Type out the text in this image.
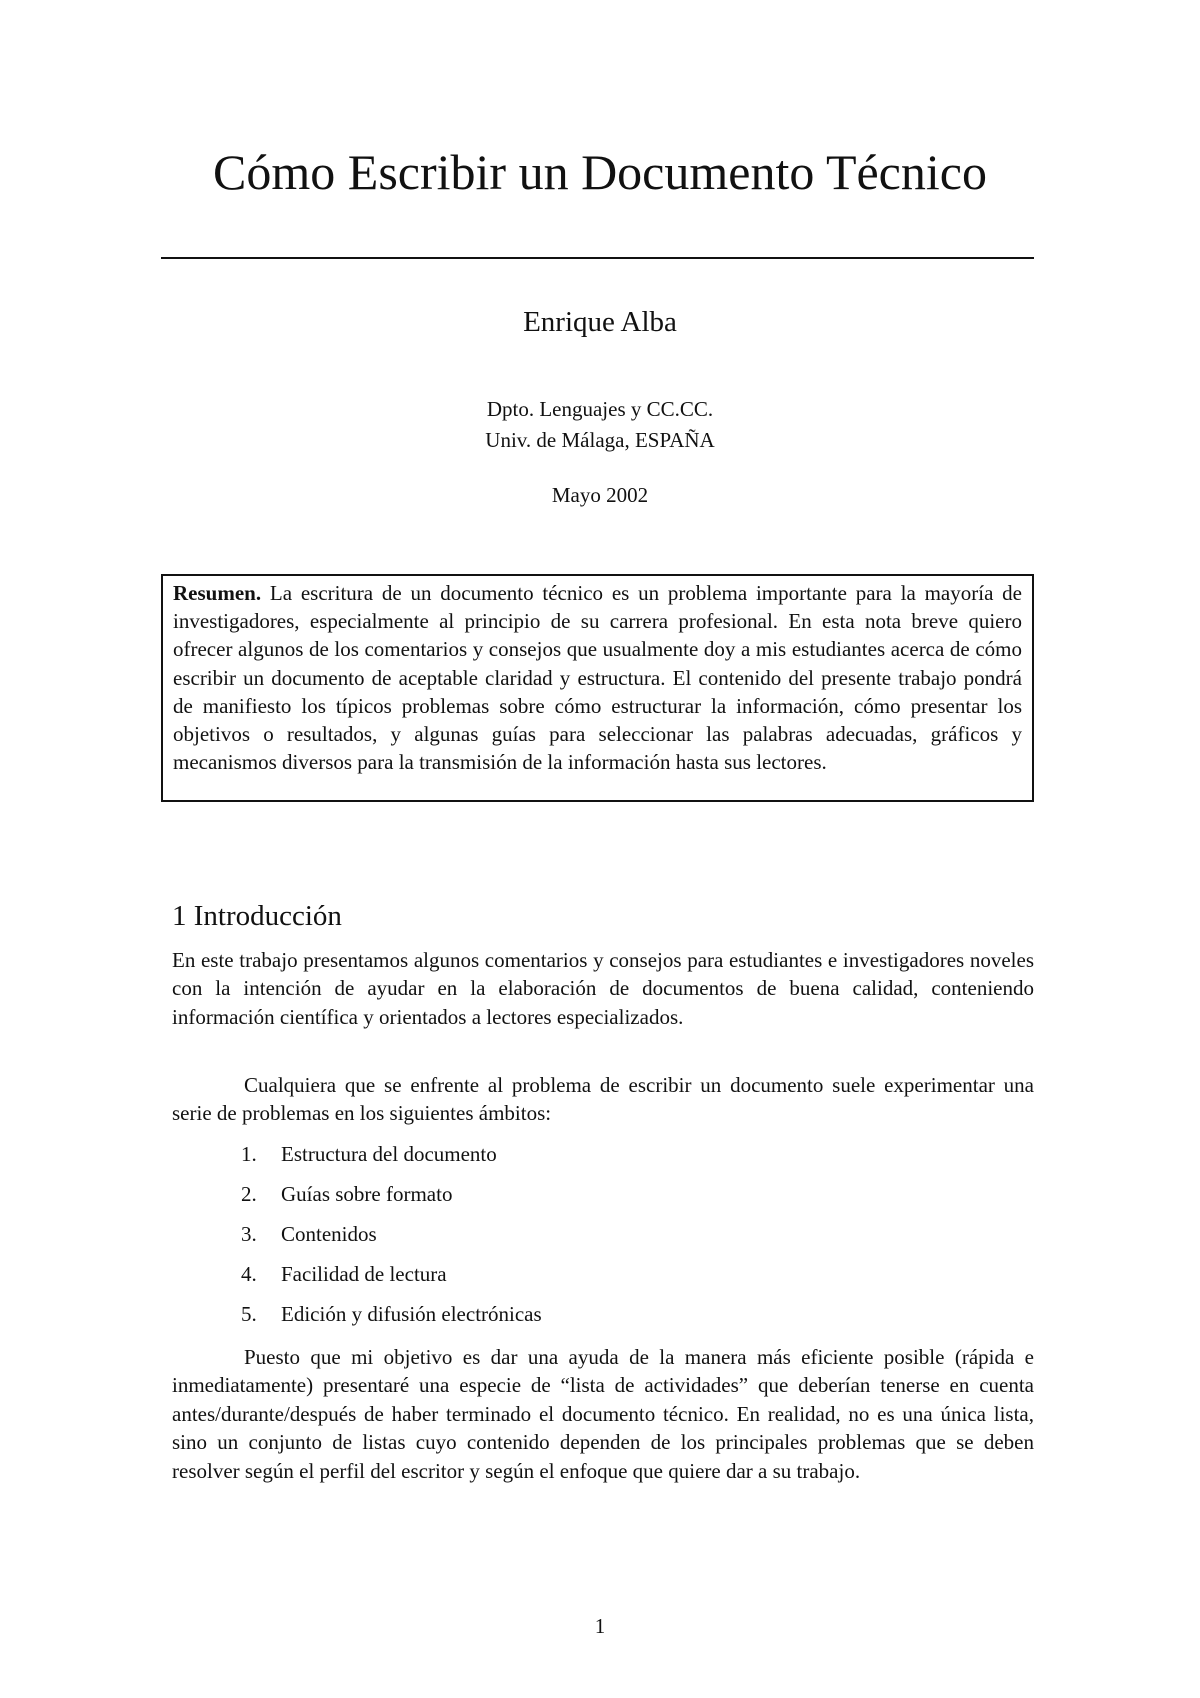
Cómo Escribir un Documento Técnico
Enrique Alba
Dpto. Lenguajes y CC.CC.
Univ. de Málaga, ESPAÑA
Mayo 2002
Resumen. La escritura de un documento técnico es un problema importante para la mayoría de investigadores, especialmente al principio de su carrera profesional. En esta nota breve quiero ofrecer algunos de los comentarios y consejos que usualmente doy a mis estudiantes acerca de cómo escribir un documento de aceptable claridad y estructura. El contenido del presente trabajo pondrá de manifiesto los típicos problemas sobre cómo estructurar la información, cómo presentar los objetivos o resultados, y algunas guías para seleccionar las palabras adecuadas, gráficos y mecanismos diversos para la transmisión de la información hasta sus lectores.
1 Introducción
En este trabajo presentamos algunos comentarios y consejos para estudiantes e investigadores noveles con la intención de ayudar en la elaboración de documentos de buena calidad, conteniendo información científica y orientados a lectores especializados.
Cualquiera que se enfrente al problema de escribir un documento suele experimentar una serie de problemas en los siguientes ámbitos:
1.	Estructura del documento
2.	Guías sobre formato
3.	Contenidos
4.	Facilidad de lectura
5.	Edición y difusión electrónicas
Puesto que mi objetivo es dar una ayuda de la manera más eficiente posible (rápida e inmediatamente) presentaré una especie de “lista de actividades” que deberían tenerse en cuenta antes/durante/después de haber terminado el documento técnico. En realidad, no es una única lista, sino un conjunto de listas cuyo contenido dependen de los principales problemas que se deben resolver según el perfil del escritor y según el enfoque que quiere dar a su trabajo.
1
